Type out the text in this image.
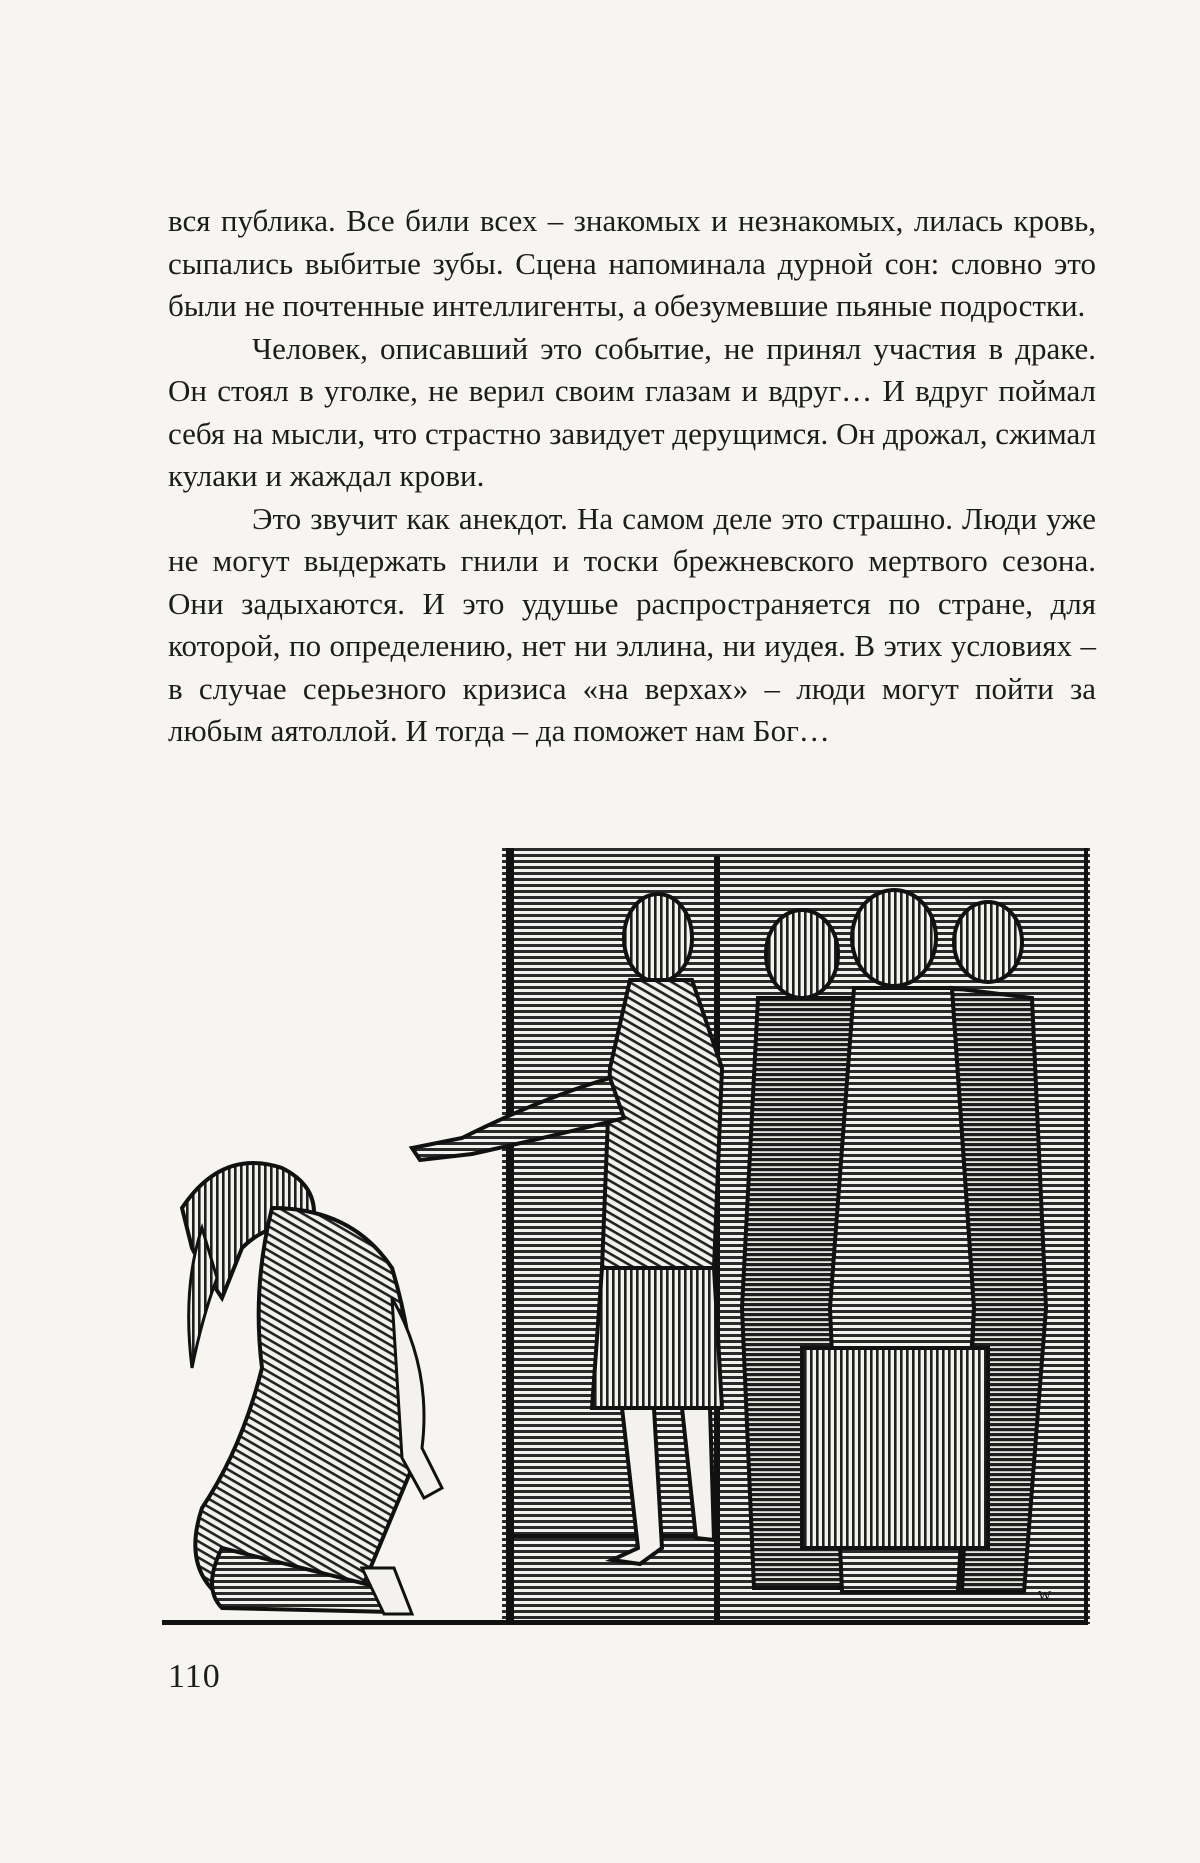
вся публика. Все били всех – знакомых и незнакомых, лилась кровь, сыпались выбитые зубы. Сцена напоминала дурной сон: словно это были не почтенные интеллигенты, а обезумевшие пьяные подростки.

Человек, описавший это событие, не принял участия в драке. Он стоял в уголке, не верил своим глазам и вдруг… И вдруг поймал себя на мысли, что страстно завидует дерущимся. Он дрожал, сжимал кулаки и жаждал крови.

Это звучит как анекдот. На самом деле это страшно. Люди уже не могут выдержать гнили и тоски брежневского мертвого сезона. Они задыхаются. И это удушье распространяется по стране, для которой, по определению, нет ни эллина, ни иудея. В этих условиях – в случае серьезного кризиса «на верхах» – люди могут пойти за любым аятоллой. И тогда – да поможет нам Бог…

W
110
